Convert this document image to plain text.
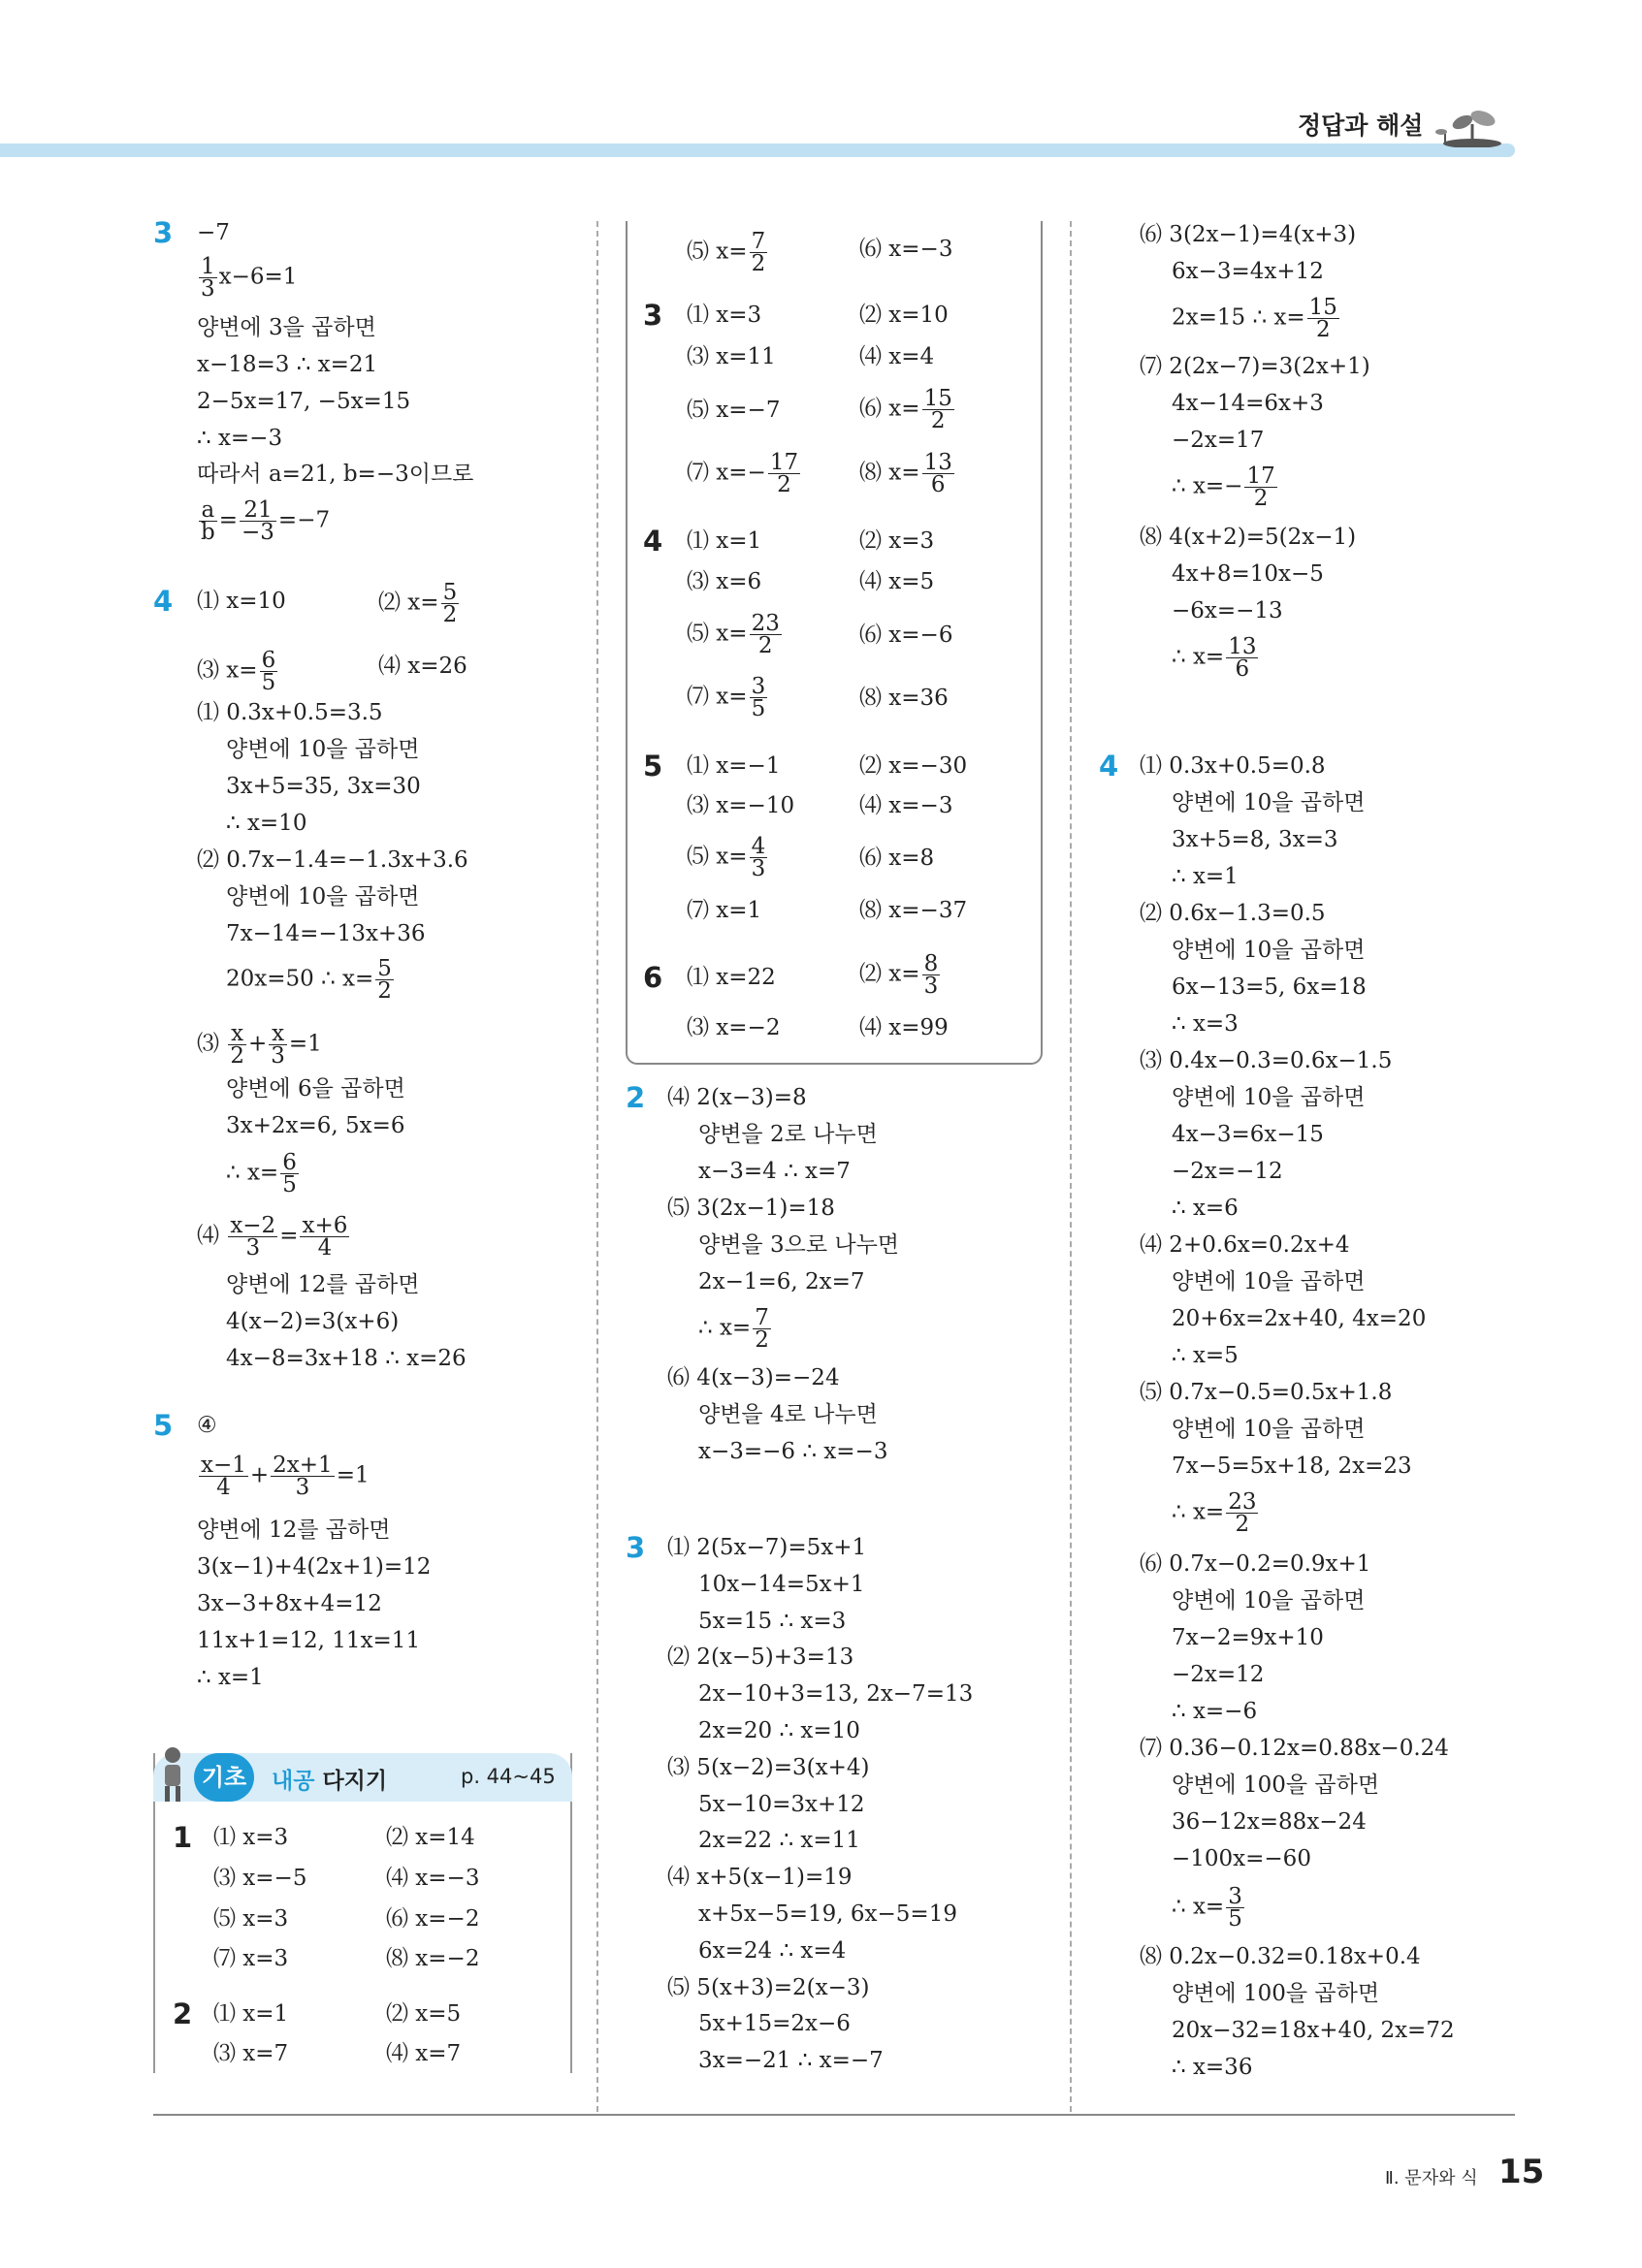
정답과 해설
3 −7
$\frac{1}{3} x-6=1$
양변에 3을 곱하면
x−18=3 ∴ x=21
2−5x=17, −5x=15
∴ x=−3
따라서 a=21, b=−3이므로
$\frac{a}{b} = \frac{21}{-3} =-7$
4 ⑴ x=10	⑵ $x= \frac{5}{2}$
⑶ $x= \frac{6}{5}$	⑷ x=26
⑴ 0.3x+0.5=3.5
양변에 10을 곱하면
3x+5=35, 3x=30
∴ x=10
⑵ 0.7x−1.4=−1.3x+3.6
양변에 10을 곱하면
7x−14=−13x+36
20x=50 ∴ $x= \frac{5}{2}$
⑶ $\frac{x}{2} + \frac{x}{3} =1$
양변에 6을 곱하면
3x+2x=6, 5x=6
∴ $x= \frac{6}{5}$
⑷ $\frac{x-2}{3} = \frac{x+6}{4}$
양변에 12를 곱하면
4(x−2)=3(x+6)
4x−8=3x+18 ∴ x=26
5 ④
$\frac{x-1}{4} + \frac{2x+1}{3} =1$
양변에 12를 곱하면
3(x−1)+4(2x+1)=12
3x−3+8x+4=12
11x+1=12, 11x=11
∴ x=1
기초	내공 다지기	p. 44~45
1 ⑴ x=3	⑵ x=14
⑶ x=−5	⑷ x=−3
⑸ x=3	⑹ x=−2
⑺ x=3	⑻ x=−2
2 ⑴ x=1	⑵ x=5
⑶ x=7	⑷ x=7
⑸ $x= \frac{7}{2}$	⑹ x=−3
3 ⑴ x=3	⑵ x=10
⑶ x=11	⑷ x=4
⑸ x=−7	⑹ $x= \frac{15}{2}$
⑺ $x=- \frac{17}{2}$	⑻ $x= \frac{13}{6}$
4 ⑴ x=1	⑵ x=3
⑶ x=6	⑷ x=5
⑸ $x= \frac{23}{2}$	⑹ x=−6
⑺ $x= \frac{3}{5}$	⑻ x=36
5 ⑴ x=−1	⑵ x=−30
⑶ x=−10	⑷ x=−3
⑸ $x= \frac{4}{3}$	⑹ x=8
⑺ x=1	⑻ x=−37
6 ⑴ x=22	⑵ $x= \frac{8}{3}$
⑶ x=−2	⑷ x=99
2 ⑷ 2(x−3)=8
양변을 2로 나누면
x−3=4 ∴ x=7
⑸ 3(2x−1)=18
양변을 3으로 나누면
2x−1=6, 2x=7
∴ $x= \frac{7}{2}$
⑹ 4(x−3)=−24
양변을 4로 나누면
x−3=−6 ∴ x=−3
3
⑹ 3(2x−1)=4(x+3)
6x−3=4x+12
2x=15 ∴ $x= \frac{15}{2}$
⑺ 2(2x−7)=3(2x+1)
4x−14=6x+3
−2x=17
∴ $x=- \frac{17}{2}$
⑻ 4(x+2)=5(2x−1)
4x+8=10x−5
−6x=−13
∴ $x= \frac{13}{6}$
4
∴ $x= \frac{23}{2}$
∴ $x= \frac{3}{5}$
Ⅱ. 문자와 식 15
⑴ 2(5x−7)=5x+1
10x−14=5x+1
5x=15 ∴ x=3
⑵ 2(x−5)+3=13
2x−10+3=13, 2x−7=13
2x=20 ∴ x=10
⑶ 5(x−2)=3(x+4)
5x−10=3x+12
2x=22 ∴ x=11
⑷ x+5(x−1)=19
x+5x−5=19, 6x−5=19
6x=24 ∴ x=4
⑸ 5(x+3)=2(x−3)
5x+15=2x−6
3x=−21 ∴ x=−7
⑴ 0.3x+0.5=0.8
양변에 10을 곱하면
3x+5=8, 3x=3
∴ x=1
⑵ 0.6x−1.3=0.5
양변에 10을 곱하면
6x−13=5, 6x=18
∴ x=3
⑶ 0.4x−0.3=0.6x−1.5
양변에 10을 곱하면
4x−3=6x−15
−2x=−12
∴ x=6
⑷ 2+0.6x=0.2x+4
양변에 10을 곱하면
20+6x=2x+40, 4x=20
∴ x=5
⑸ 0.7x−0.5=0.5x+1.8
양변에 10을 곱하면
7x−5=5x+18, 2x=23
⑹ 0.7x−0.2=0.9x+1
양변에 10을 곱하면
7x−2=9x+10
−2x=12
∴ x=−6
⑺ 0.36−0.12x=0.88x−0.24
양변에 100을 곱하면
36−12x=88x−24
−100x=−60
⑻ 0.2x−0.32=0.18x+0.4
양변에 100을 곱하면
20x−32=18x+40, 2x=72
∴ x=36
